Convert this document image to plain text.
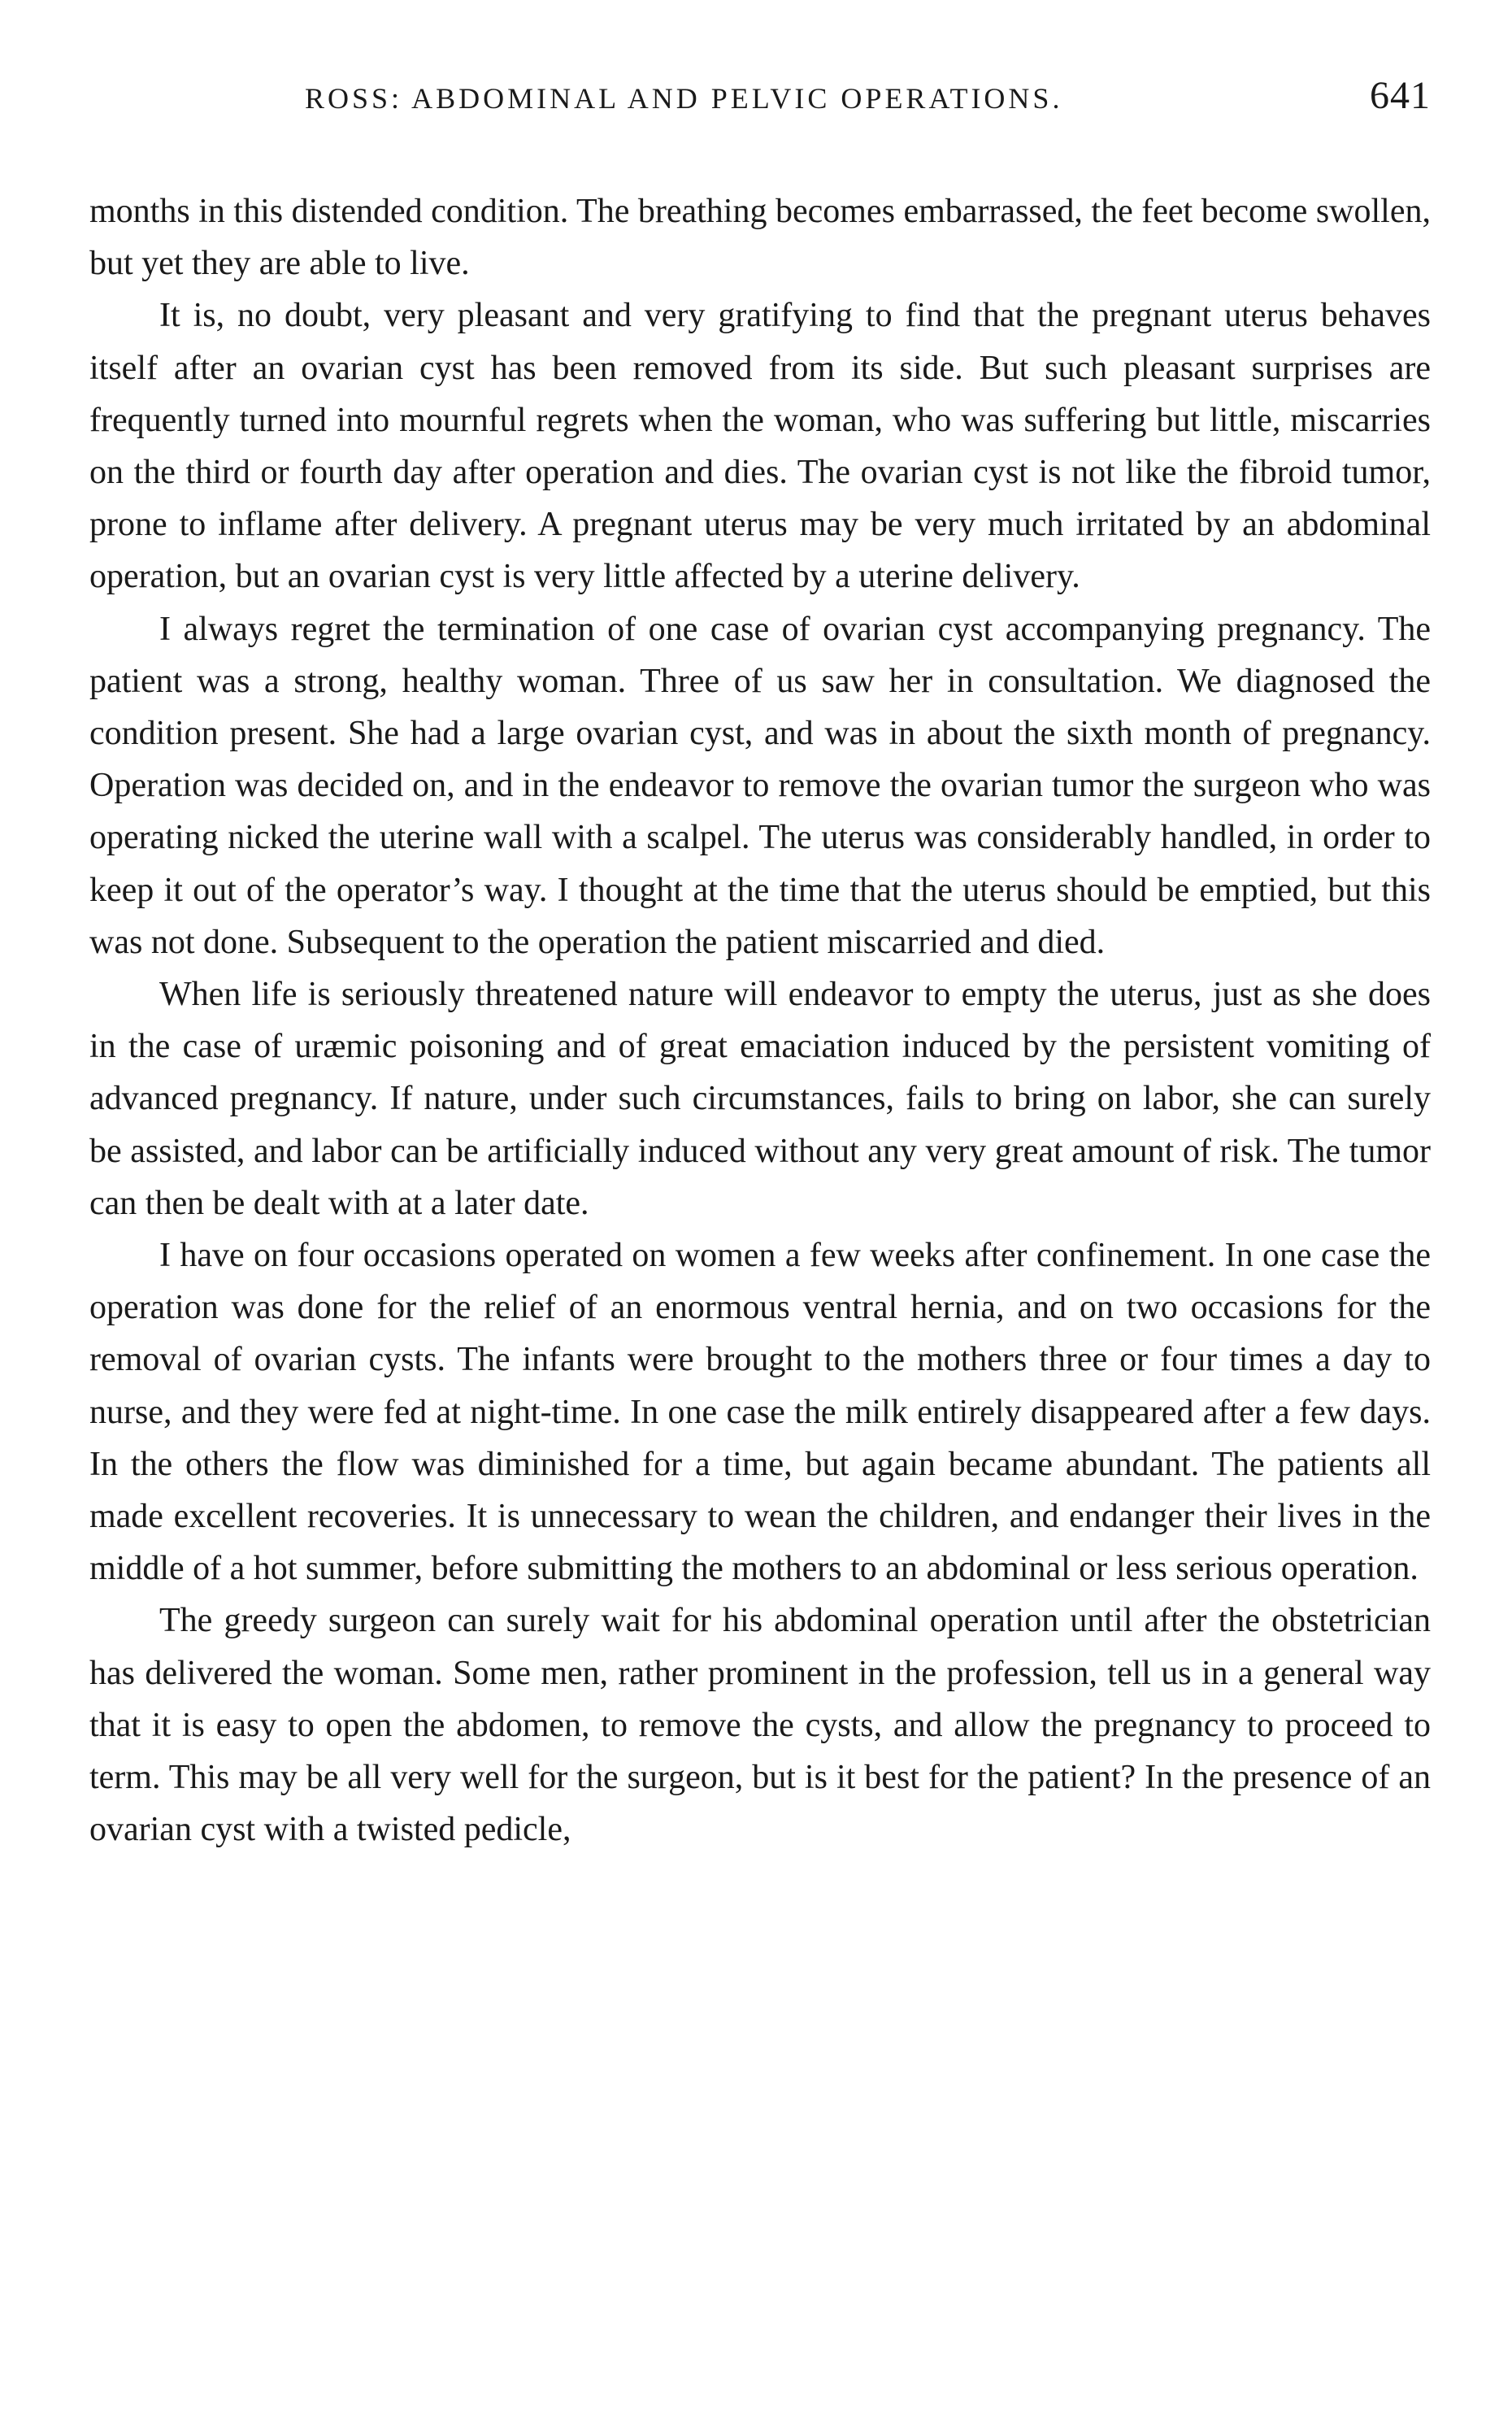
ROSS: ABDOMINAL AND PELVIC OPERATIONS.	641

months in this distended condition. The breathing becomes embarrassed, the feet become swollen, but yet they are able to live.

It is, no doubt, very pleasant and very gratifying to find that the pregnant uterus behaves itself after an ovarian cyst has been removed from its side. But such pleasant surprises are frequently turned into mournful regrets when the woman, who was suffering but little, miscarries on the third or fourth day after operation and dies. The ovarian cyst is not like the fibroid tumor, prone to inflame after delivery. A pregnant uterus may be very much irritated by an abdominal operation, but an ovarian cyst is very little affected by a uterine delivery.

I always regret the termination of one case of ovarian cyst accompanying pregnancy. The patient was a strong, healthy woman. Three of us saw her in consultation. We diagnosed the condition present. She had a large ovarian cyst, and was in about the sixth month of pregnancy. Operation was decided on, and in the endeavor to remove the ovarian tumor the surgeon who was operating nicked the uterine wall with a scalpel. The uterus was considerably handled, in order to keep it out of the operator’s way. I thought at the time that the uterus should be emptied, but this was not done. Subsequent to the operation the patient miscarried and died.

When life is seriously threatened nature will endeavor to empty the uterus, just as she does in the case of uræmic poisoning and of great emaciation induced by the persistent vomiting of advanced pregnancy. If nature, under such circumstances, fails to bring on labor, she can surely be assisted, and labor can be artificially induced without any very great amount of risk. The tumor can then be dealt with at a later date.

I have on four occasions operated on women a few weeks after confinement. In one case the operation was done for the relief of an enormous ventral hernia, and on two occasions for the removal of ovarian cysts. The infants were brought to the mothers three or four times a day to nurse, and they were fed at night-time. In one case the milk entirely disappeared after a few days. In the others the flow was diminished for a time, but again became abundant. The patients all made excellent recoveries. It is unnecessary to wean the children, and endanger their lives in the middle of a hot summer, before submitting the mothers to an abdominal or less serious operation.

The greedy surgeon can surely wait for his abdominal operation until after the obstetrician has delivered the woman. Some men, rather prominent in the profession, tell us in a general way that it is easy to open the abdomen, to remove the cysts, and allow the pregnancy to proceed to term. This may be all very well for the surgeon, but is it best for the patient? In the presence of an ovarian cyst with a twisted pedicle,
